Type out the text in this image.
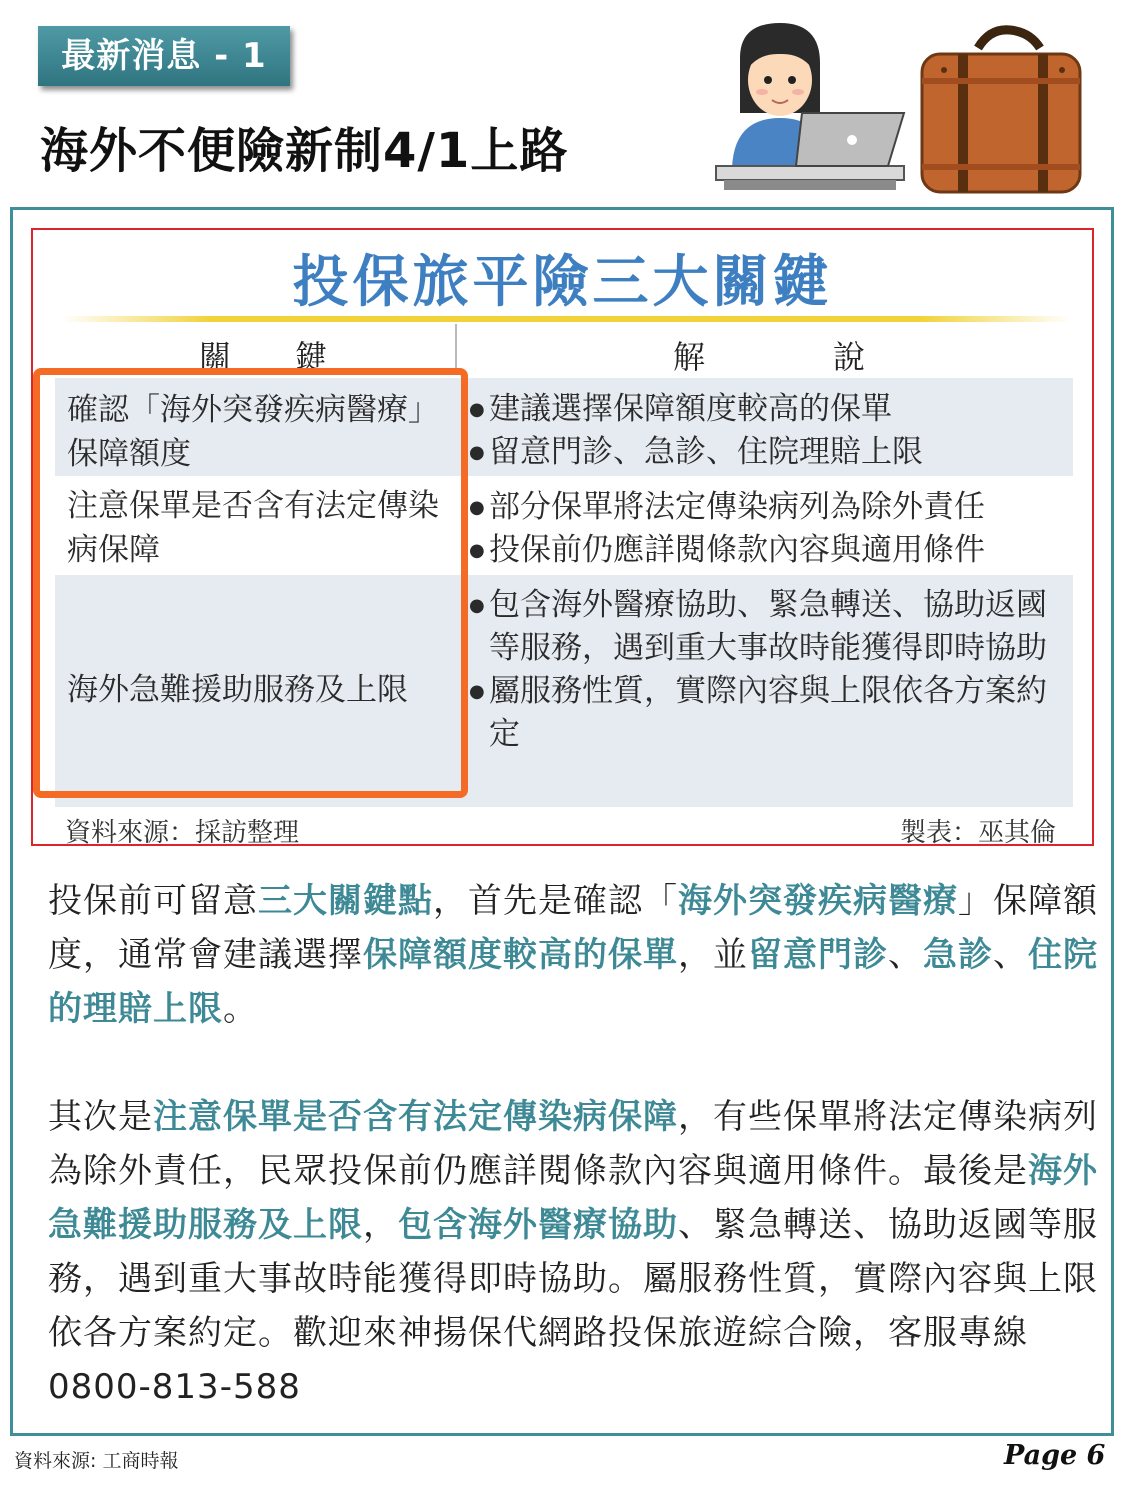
最新消息 - 1
海外不便險新制4/1上路
投保旅平險三大關鍵
關　　鍵	解　　　　說
確認「海外突發疾病醫療」保障額度
● 建議選擇保障額度較高的保單
● 留意門診、急診、住院理賠上限
注意保單是否含有法定傳染病保障
● 部分保單將法定傳染病列為除外責任
● 投保前仍應詳閱條款內容與適用條件
海外急難援助服務及上限
● 包含海外醫療協助、緊急轉送、協助返國等服務，遇到重大事故時能獲得即時協助
● 屬服務性質，實際內容與上限依各方案約定
資料來源：採訪整理	製表：巫其倫
投保前可留意三大關鍵點，首先是確認「海外突發疾病醫療」保障額度，通常會建議選擇保障額度較高的保單，並留意門診、急診、住院的理賠上限。
其次是注意保單是否含有法定傳染病保障，有些保單將法定傳染病列為除外責任，民眾投保前仍應詳閱條款內容與適用條件。最後是海外急難援助服務及上限，包含海外醫療協助、緊急轉送、協助返國等服務，遇到重大事故時能獲得即時協助。屬服務性質，實際內容與上限依各方案約定。歡迎來神揚保代網路投保旅遊綜合險，客服專線0800-813-588
資料來源: 工商時報	Page 6
